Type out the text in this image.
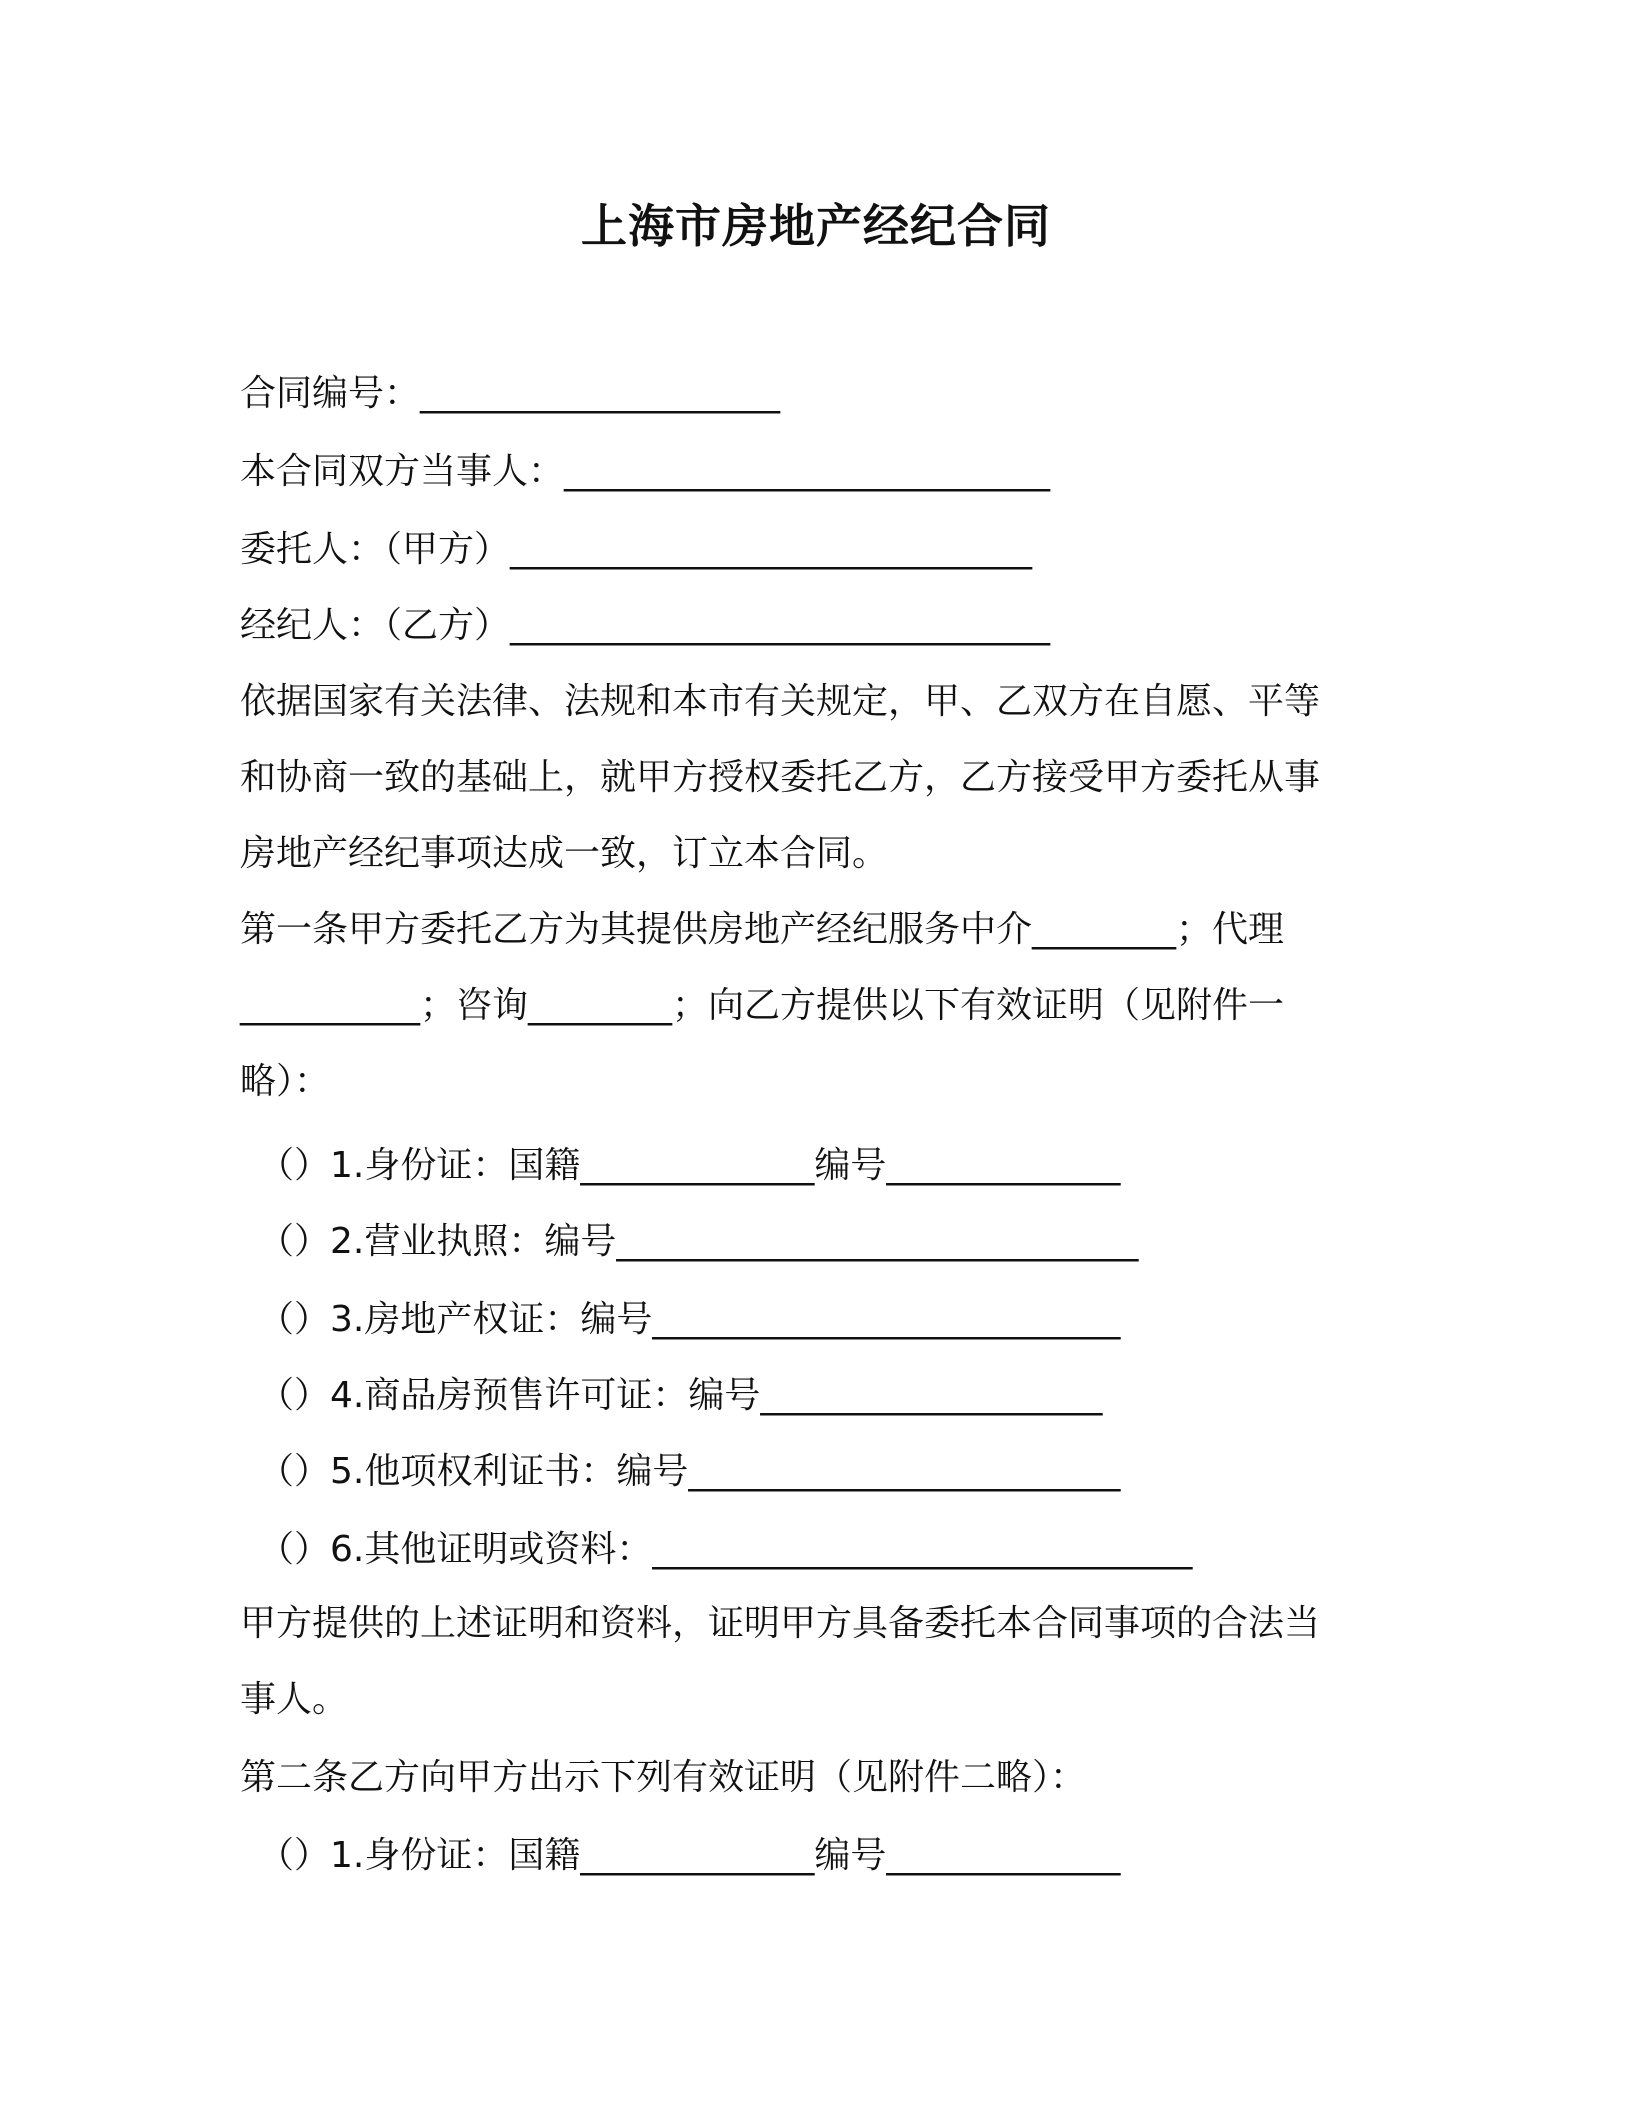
上海市房地产经纪合同

合同编号：____________________

本合同双方当事人：___________________________

委托人：（甲方）_____________________________

经纪人：（乙方）______________________________

依据国家有关法律、法规和本市有关规定，甲、乙双方在自愿、平等

和协商一致的基础上，就甲方授权委托乙方，乙方接受甲方委托从事

房地产经纪事项达成一致，订立本合同。

第一条甲方委托乙方为其提供房地产经纪服务中介________；代理

__________；咨询________；向乙方提供以下有效证明（见附件一

略）：

（）1.身份证：国籍_____________编号_____________

（）2.营业执照：编号_____________________________

（）3.房地产权证：编号__________________________

（）4.商品房预售许可证：编号___________________

（）5.他项权利证书：编号________________________

（）6.其他证明或资料：______________________________

甲方提供的上述证明和资料，证明甲方具备委托本合同事项的合法当

事人。

第二条乙方向甲方出示下列有效证明（见附件二略）：

（）1.身份证：国籍_____________编号_____________
